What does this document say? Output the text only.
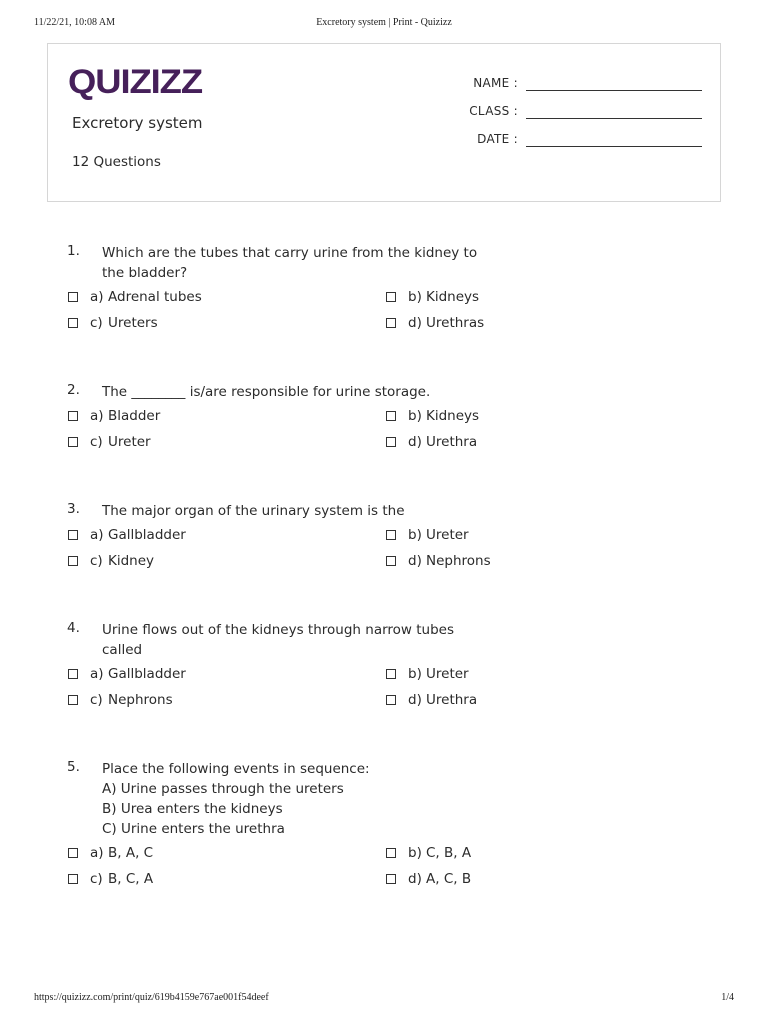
11/22/21, 10:08 AM	Excretory system | Print - Quizizz
QUIZIZZ
Excretory system
12 Questions
NAME :
CLASS :
DATE :
1. Which are the tubes that carry urine from the kidney to
the bladder?
a) Adrenal tubes	b) Kidneys
c) Ureters	d) Urethras
2. The ________ is/are responsible for urine storage.
a) Bladder	b) Kidneys
c) Ureter	d) Urethra
3. The major organ of the urinary system is the
a) Gallbladder	b) Ureter
c) Kidney	d) Nephrons
4. Urine flows out of the kidneys through narrow tubes
called
a) Gallbladder	b) Ureter
c) Nephrons	d) Urethra
5. Place the following events in sequence:
A) Urine passes through the ureters
B) Urea enters the kidneys
C) Urine enters the urethra
a) B, A, C	b) C, B, A
c) B, C, A	d) A, C, B
https://quizizz.com/print/quiz/619b4159e767ae001f54deef	1/4
